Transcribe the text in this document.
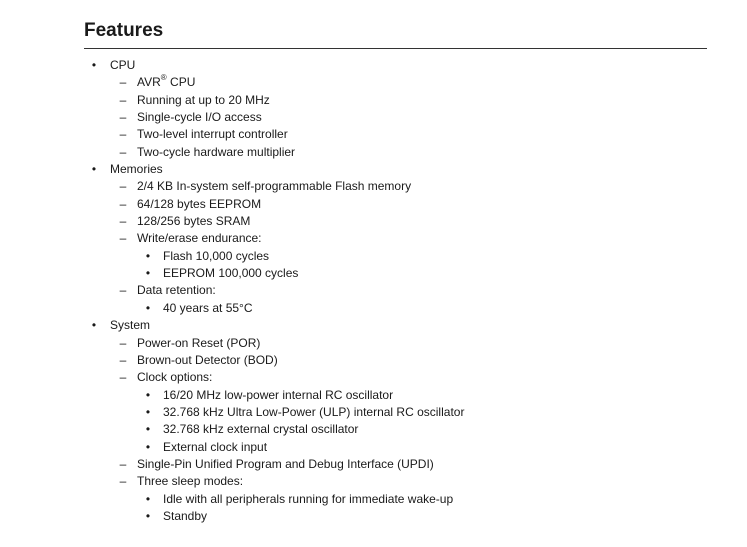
Features
•	CPU
– AVR® CPU
– Running at up to 20 MHz
– Single-cycle I/O access
– Two-level interrupt controller
– Two-cycle hardware multiplier
•	Memories
– 2/4 KB In-system self-programmable Flash memory
– 64/128 bytes EEPROM
– 128/256 bytes SRAM
– Write/erase endurance:
•	Flash 10,000 cycles
•	EEPROM 100,000 cycles
– Data retention:
•	40 years at 55°C
•	System
– Power-on Reset (POR)
– Brown-out Detector (BOD)
– Clock options:
•	16/20 MHz low-power internal RC oscillator
•	32.768 kHz Ultra Low-Power (ULP) internal RC oscillator
•	32.768 kHz external crystal oscillator
•	External clock input
– Single-Pin Unified Program and Debug Interface (UPDI)
– Three sleep modes:
•	Idle with all peripherals running for immediate wake-up
•	Standby
